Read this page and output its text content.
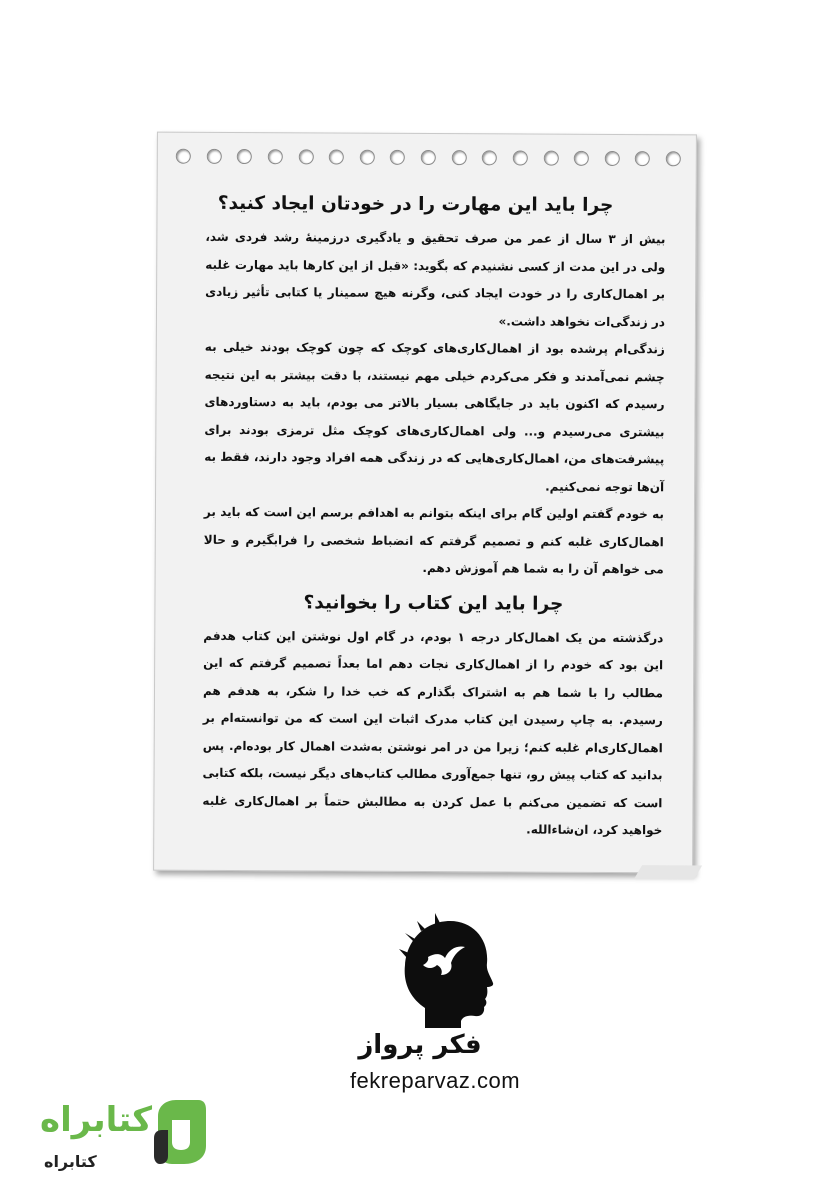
چرا باید این مهارت را در خودتان ایجاد کنید؟

بیش از ۳ سال از عمر من صرف تحقیق و یادگیری درزمینهٔ رشد فردی شد، ولی در این مدت از کسی نشنیدم که بگوید: «قبل از این کارها باید مهارت غلبه بر اهمال‌کاری را در خودت ایجاد کنی، وگرنه هیچ سمینار یا کتابی تأثیر زیادی در زندگی‌ات نخواهد داشت.»

زندگی‌ام پرشده بود از اهمال‌کاری‌های کوچک که چون کوچک بودند خیلی به چشم نمی‌آمدند و فکر می‌کردم خیلی مهم نیستند، با دقت بیشتر به این نتیجه رسیدم که اکنون باید در جایگاهی بسیار بالاتر می بودم، باید به دستاوردهای بیشتری می‌رسیدم و... ولی اهمال‌کاری‌های کوچک مثل ترمزی بودند برای پیشرفت‌های من، اهمال‌کاری‌هایی که در زندگی همه افراد وجود دارند، فقط به آن‌ها توجه نمی‌کنیم.

به خودم گفتم اولین گام برای اینکه بتوانم به اهدافم برسم این است که باید بر اهمال‌کاری غلبه کنم و تصمیم گرفتم که انضباط شخصی را فرابگیرم و حالا می خواهم آن را به شما هم آموزش دهم.

چرا باید این کتاب را بخوانید؟

درگذشته من یک اهمال‌کار درجه ۱ بودم، در گام اول نوشتن این کتاب هدفم این بود که خودم را از اهمال‌کاری نجات دهم اما بعداً تصمیم گرفتم که این مطالب را با شما هم به اشتراک بگذارم که خب خدا را شکر، به هدفم هم رسیدم. به چاپ رسیدن این کتاب مدرک اثبات این است که من توانسته‌ام بر اهمال‌کاری‌ام غلبه کنم؛ زیرا من در امر نوشتن به‌شدت اهمال کار بوده‌ام. پس بدانید که کتاب پیش رو، تنها جمع‌آوری مطالب کتاب‌های دیگر نیست، بلکه کتابی است که تضمین می‌کنم با عمل کردن به مطالبش حتماً بر اهمال‌کاری غلبه خواهید کرد، ان‌شاءالله.

فکر پرواز
fekreparvaz.com
کتابراه
کتابراه
